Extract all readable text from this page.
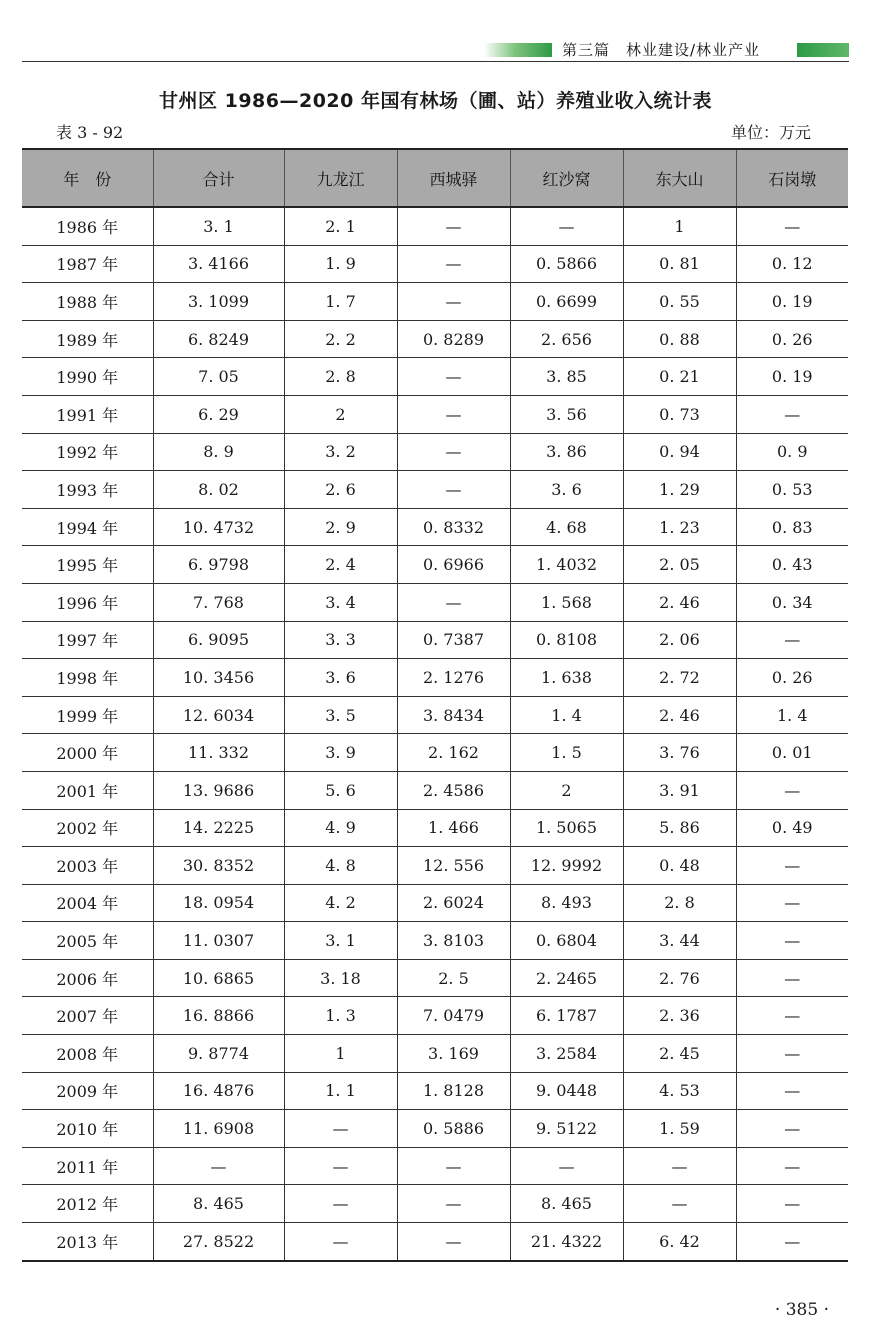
第三篇　林业建设/林业产业
甘州区 1986—2020 年国有林场（圃、站）养殖业收入统计表
表 3 - 92	单位：万元
年　份	合计	九龙江	西城驿	红沙窝	东大山	石岗墩
1986 年	3. 1	2. 1	—	—	1	—
1987 年	3. 4166	1. 9	—	0. 5866	0. 81	0. 12
1988 年	3. 1099	1. 7	—	0. 6699	0. 55	0. 19
1989 年	6. 8249	2. 2	0. 8289	2. 656	0. 88	0. 26
1990 年	7. 05	2. 8	—	3. 85	0. 21	0. 19
1991 年	6. 29	2	—	3. 56	0. 73	—
1992 年	8. 9	3. 2	—	3. 86	0. 94	0. 9
1993 年	8. 02	2. 6	—	3. 6	1. 29	0. 53
1994 年	10. 4732	2. 9	0. 8332	4. 68	1. 23	0. 83
1995 年	6. 9798	2. 4	0. 6966	1. 4032	2. 05	0. 43
1996 年	7. 768	3. 4	—	1. 568	2. 46	0. 34
1997 年	6. 9095	3. 3	0. 7387	0. 8108	2. 06	—
1998 年	10. 3456	3. 6	2. 1276	1. 638	2. 72	0. 26
1999 年	12. 6034	3. 5	3. 8434	1. 4	2. 46	1. 4
2000 年	11. 332	3. 9	2. 162	1. 5	3. 76	0. 01
2001 年	13. 9686	5. 6	2. 4586	2	3. 91	—
2002 年	14. 2225	4. 9	1. 466	1. 5065	5. 86	0. 49
2003 年	30. 8352	4. 8	12. 556	12. 9992	0. 48	—
2004 年	18. 0954	4. 2	2. 6024	8. 493	2. 8	—
2005 年	11. 0307	3. 1	3. 8103	0. 6804	3. 44	—
2006 年	10. 6865	3. 18	2. 5	2. 2465	2. 76	—
2007 年	16. 8866	1. 3	7. 0479	6. 1787	2. 36	—
2008 年	9. 8774	1	3. 169	3. 2584	2. 45	—
2009 年	16. 4876	1. 1	1. 8128	9. 0448	4. 53	—
2010 年	11. 6908	—	0. 5886	9. 5122	1. 59	—
2011 年	—	—	—	—	—	—
2012 年	8. 465	—	—	8. 465	—	—
2013 年	27. 8522	—	—	21. 4322	6. 42	—
· 385 ·
